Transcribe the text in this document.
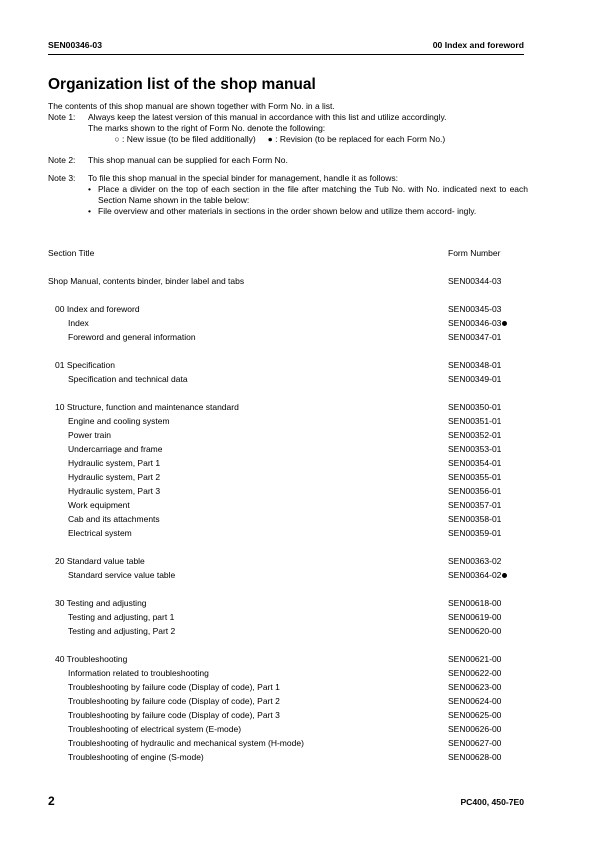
SEN00346-03	00 Index and foreword
Organization list of the shop manual
The contents of this shop manual are shown together with Form No. in a list.
Note 1: Always keep the latest version of this manual in accordance with this list and utilize accordingly.
The marks shown to the right of Form No. denote the following:
○ : New issue (to be filed additionally) ● : Revision (to be replaced for each Form No.)
Note 2: This shop manual can be supplied for each Form No.
Note 3: To file this shop manual in the special binder for management, handle it as follows:
• Place a divider on the top of each section in the file after matching the Tub No. with No. indicated next to each Section Name shown in the table below:
• File overview and other materials in sections in the order shown below and utilize them accord- ingly.
Section Title	Form Number
Shop Manual, contents binder, binder label and tabs	SEN00344-03
00 Index and foreword	SEN00345-03
Index	SEN00346-03
Foreword and general information	SEN00347-01
01 Specification	SEN00348-01
Specification and technical data	SEN00349-01
10 Structure, function and maintenance standard	SEN00350-01
Engine and cooling system	SEN00351-01
Power train	SEN00352-01
Undercarriage and frame	SEN00353-01
Hydraulic system, Part 1	SEN00354-01
Hydraulic system, Part 2	SEN00355-01
Hydraulic system, Part 3	SEN00356-01
Work equipment	SEN00357-01
Cab and its attachments	SEN00358-01
Electrical system	SEN00359-01
20 Standard value table	SEN00363-02
Standard service value table	SEN00364-02
30 Testing and adjusting	SEN00618-00
Testing and adjusting, part 1	SEN00619-00
Testing and adjusting, Part 2	SEN00620-00
40 Troubleshooting	SEN00621-00
Information related to troubleshooting	SEN00622-00
Troubleshooting by failure code (Display of code), Part 1	SEN00623-00
Troubleshooting by failure code (Display of code), Part 2	SEN00624-00
Troubleshooting by failure code (Display of code), Part 3	SEN00625-00
Troubleshooting of electrical system (E-mode)	SEN00626-00
Troubleshooting of hydraulic and mechanical system (H-mode)	SEN00627-00
Troubleshooting of engine (S-mode)	SEN00628-00
2	PC400, 450-7E0
